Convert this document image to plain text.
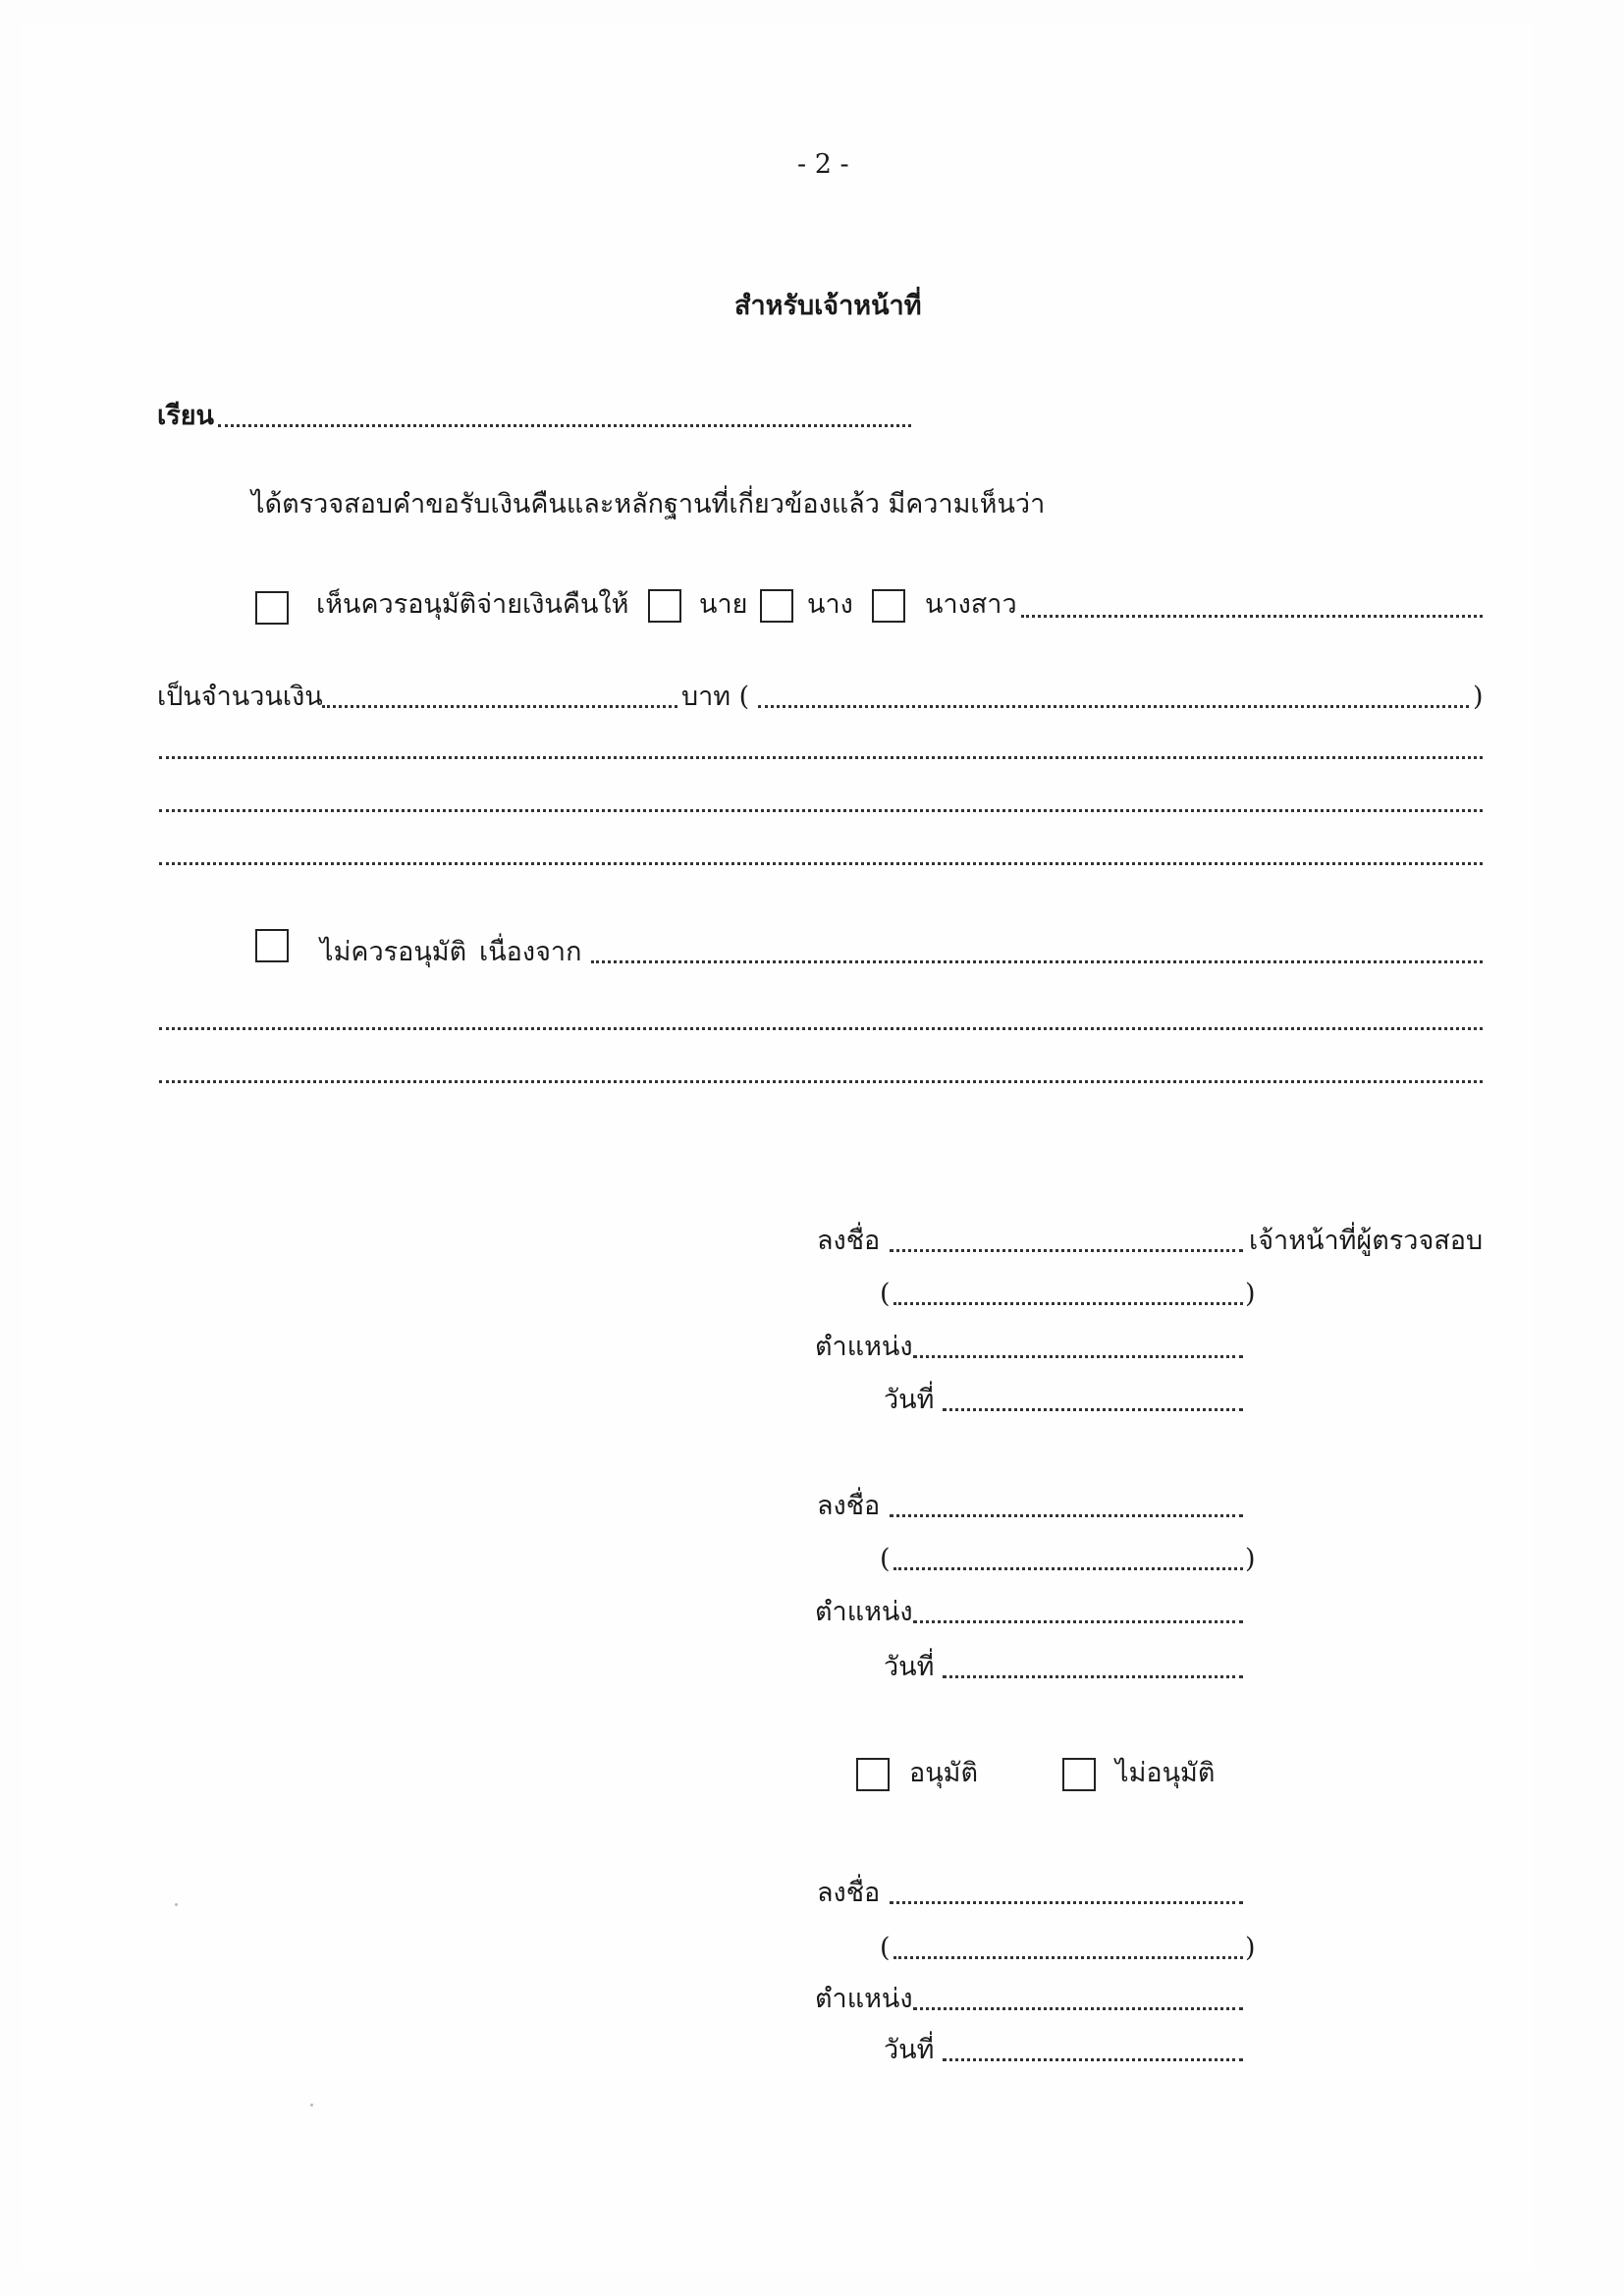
- 2 -
สำหรับเจ้าหน้าที่
เรียน
ได้ตรวจสอบคำขอรับเงินคืนและหลักฐานที่เกี่ยวข้องแล้ว มีความเห็นว่า
เห็นควรอนุมัติจ่ายเงินคืนให้	นาย นาง	นางสาว
เป็นจำนวนเงิน	บาท (	)
ไม่ควรอนุมัติ เนื่องจาก
ลงชื่อ	เจ้าหน้าที่ผู้ตรวจสอบ
(	)
ตำแหน่ง
วันที่
ลงชื่อ
(	)
ตำแหน่ง
วันที่
อนุมัติ	ไม่อนุมัติ
ลงชื่อ
(	)
ตำแหน่ง
วันที่
